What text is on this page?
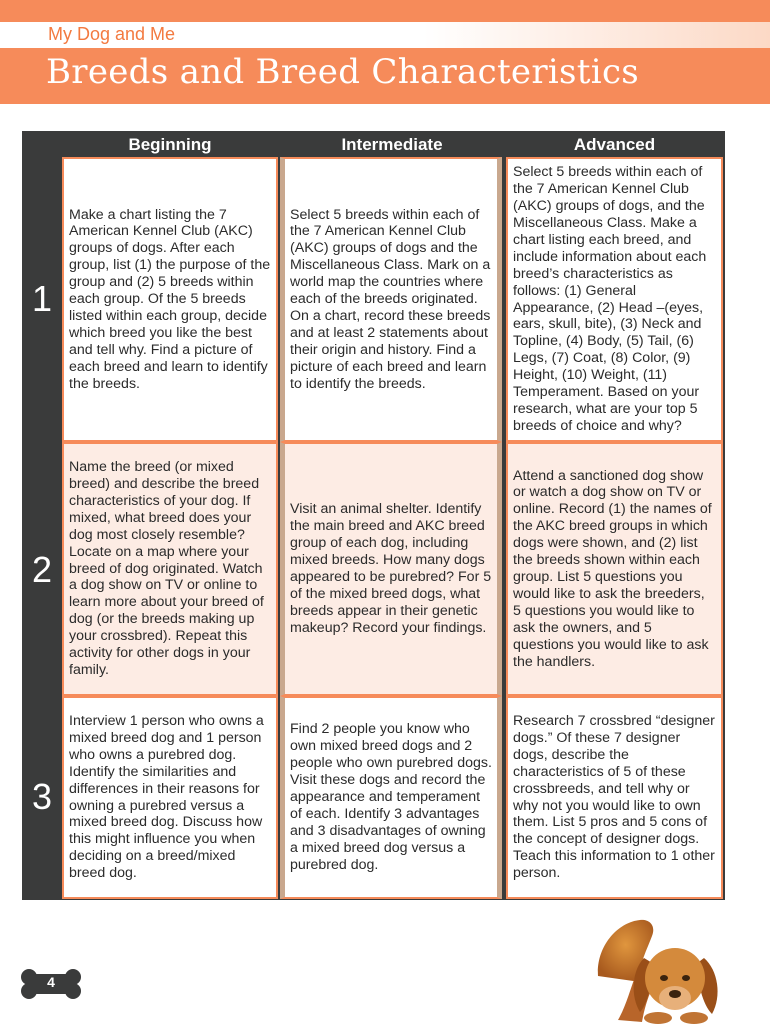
My Dog and Me
Breeds and Breed Characteristics
Beginning	Intermediate	Advanced
1
Make a chart listing the 7 American Kennel Club (AKC) groups of dogs. After each group, list (1) the purpose of the group and (2) 5 breeds within each group. Of the 5 breeds listed within each group, decide which breed you like the best and tell why. Find a picture of each breed and learn to identify the breeds.
Select 5 breeds within each of the 7 American Kennel Club (AKC) groups of dogs and the Miscellaneous Class. Mark on a world map the countries where each of the breeds originated. On a chart, record these breeds and at least 2 statements about their origin and history. Find a picture of each breed and learn to identify the breeds.
Select 5 breeds within each of the 7 American Kennel Club (AKC) groups of dogs, and the Miscellaneous Class. Make a chart listing each breed, and include information about each breed’s characteristics as follows: (1) General Appearance, (2) Head –(eyes, ears, skull, bite), (3) Neck and Topline, (4) Body, (5) Tail, (6) Legs, (7) Coat, (8) Color, (9) Height, (10) Weight, (11) Temperament. Based on your research, what are your top 5 breeds of choice and why?
2
Name the breed (or mixed breed) and describe the breed characteristics of your dog. If mixed, what breed does your dog most closely resemble? Locate on a map where your breed of dog originated. Watch a dog show on TV or online to learn more about your breed of dog (or the breeds making up your crossbred). Repeat this activity for other dogs in your family.
Visit an animal shelter. Identify the main breed and AKC breed group of each dog, including mixed breeds. How many dogs appeared to be purebred? For 5 of the mixed breed dogs, what breeds appear in their genetic makeup? Record your findings.
Attend a sanctioned dog show or watch a dog show on TV or online. Record (1) the names of the AKC breed groups in which dogs were shown, and (2) list the breeds shown within each group. List 5 questions you would like to ask the breeders, 5 questions you would like to ask the owners, and 5 questions you would like to ask the handlers.
3
Interview 1 person who owns a mixed breed dog and 1 person who owns a purebred dog. Identify the similarities and differences in their reasons for owning a purebred versus a mixed breed dog. Discuss how this might influence you when deciding on a breed/mixed breed dog.
Find 2 people you know who own mixed breed dogs and 2 people who own purebred dogs. Visit these dogs and record the appearance and temperament of each. Identify 3 advantages and 3 disadvantages of owning a mixed breed dog versus a purebred dog.
Research 7 crossbred “designer dogs.” Of these 7 designer dogs, describe the characteristics of 5 of these crossbreeds, and tell why or why not you would like to own them. List 5 pros and 5 cons of the concept of designer dogs. Teach this information to 1 other person.
4
